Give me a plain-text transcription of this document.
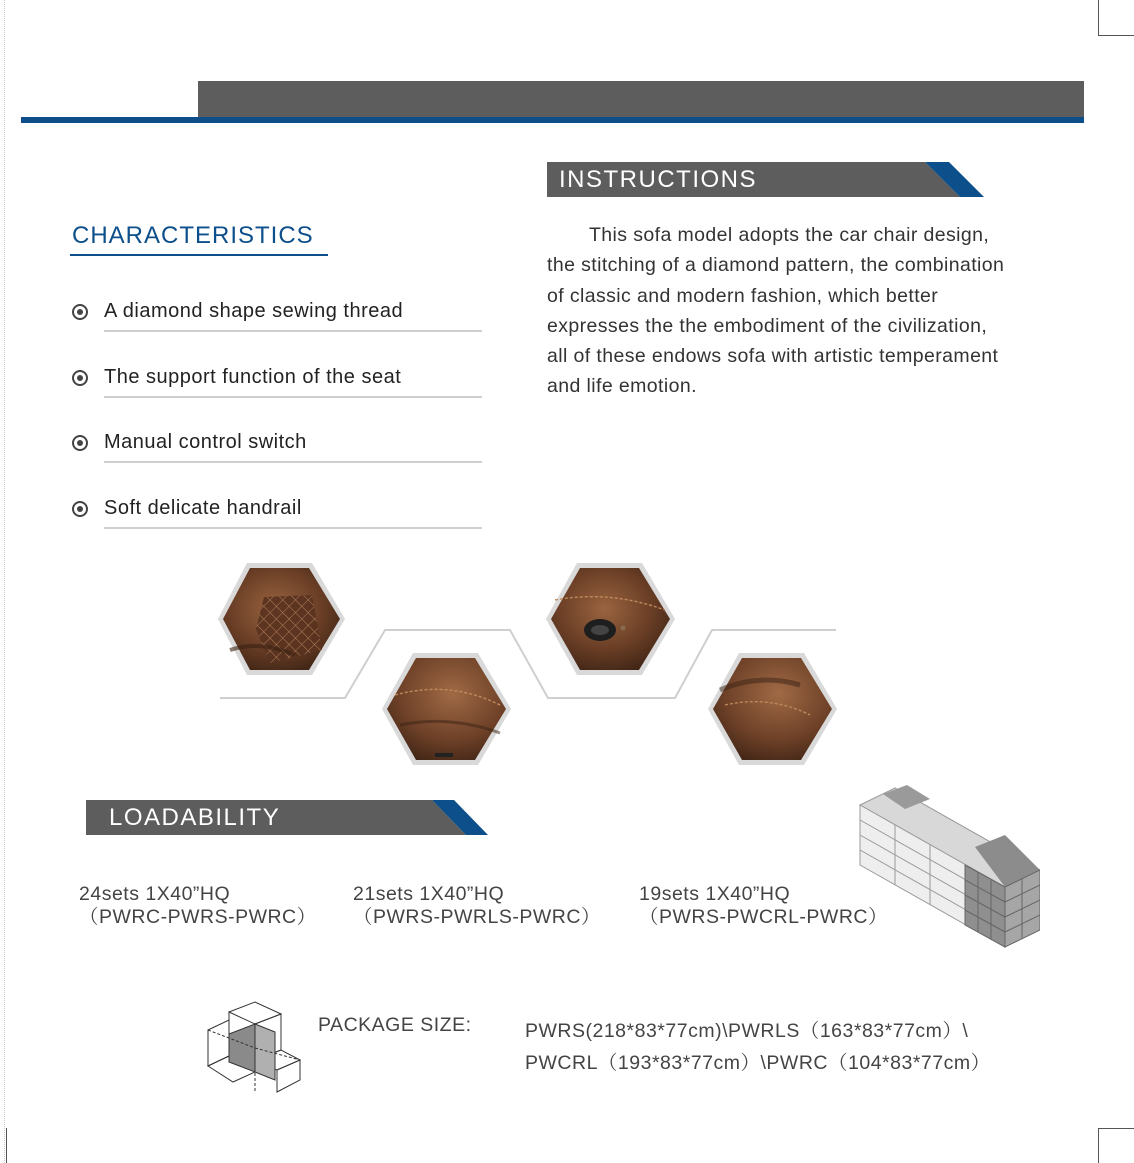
INSTRUCTIONS
CHARACTERISTICS
A diamond shape sewing thread
The support function of the seat
Manual control switch
Soft delicate handrail
This sofa model adopts the car chair design,
the stitching of a diamond pattern, the combination
of classic and modern fashion, which better
expresses the the embodiment of the civilization,
all of these endows sofa with artistic temperament
and life emotion.
LOADABILITY
24sets 1X40”HQ
（PWRC-PWRS-PWRC）
21sets 1X40”HQ
（PWRS-PWRLS-PWRC）
19sets 1X40”HQ
（PWRS-PWCRL-PWRC）
PACKAGE SIZE:	PWRS(218*83*77cm)\PWRLS（163*83*77cm）\
PWCRL（193*83*77cm）\PWRC（104*83*77cm）
